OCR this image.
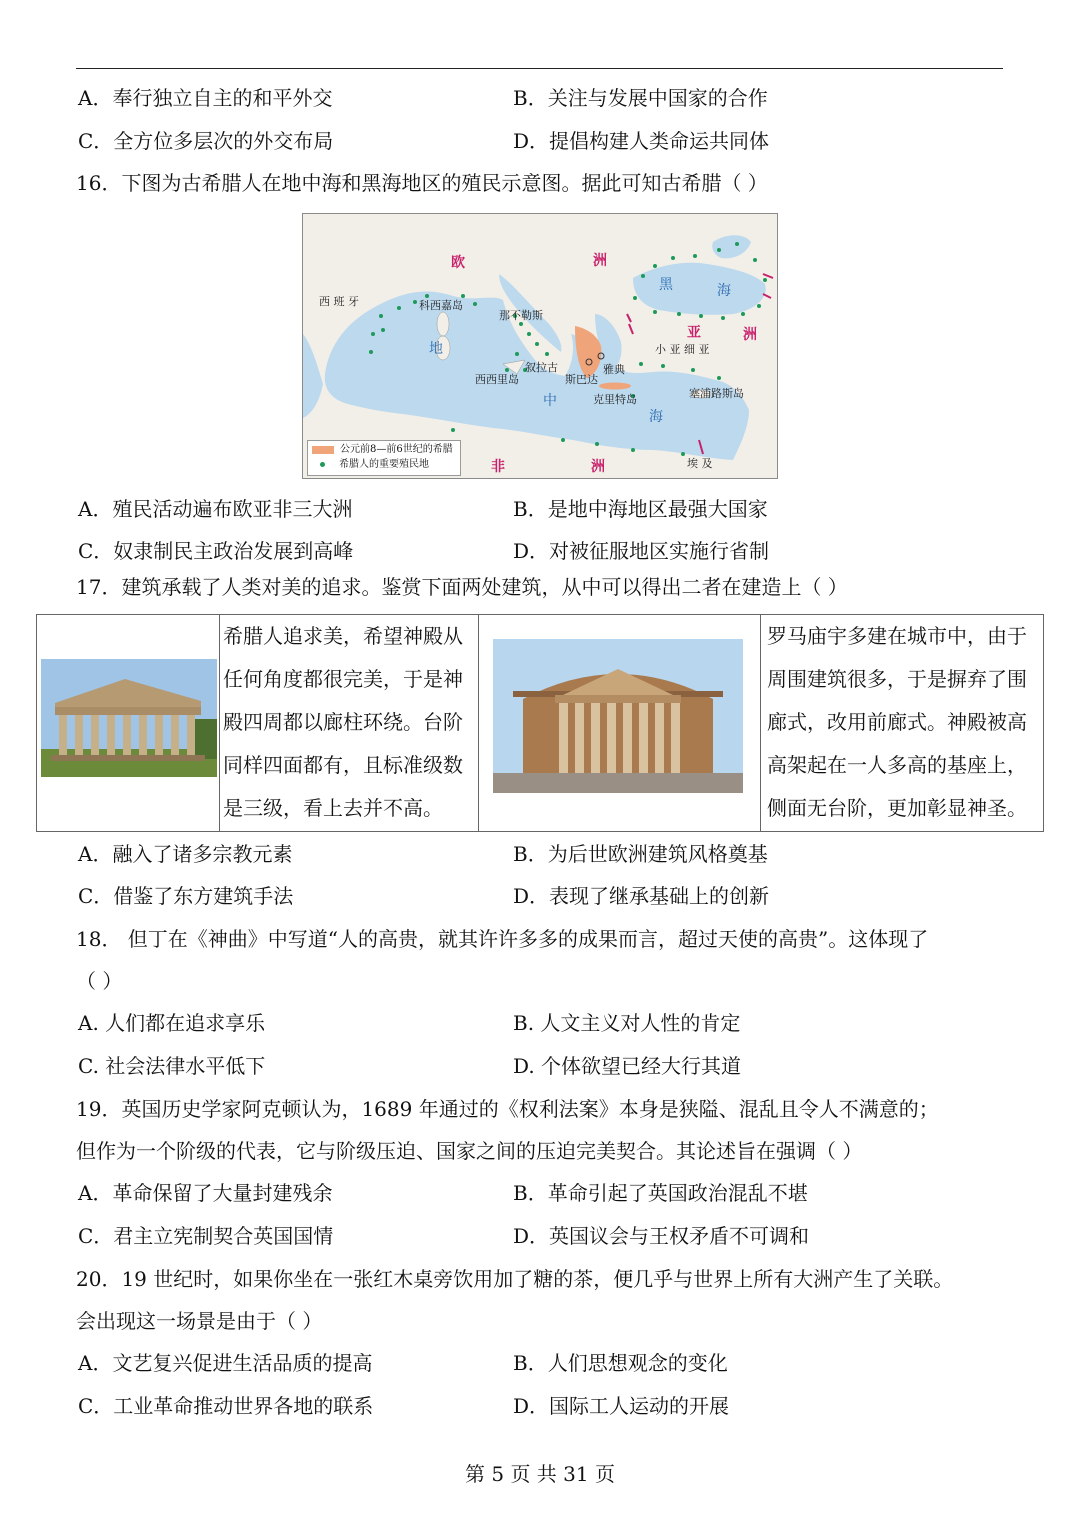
A．奉行独立自主的和平外交	B．关注与发展中国家的合作
C．全方位多层次的外交布局	D．提倡构建人类命运共同体
16．下图为古希腊人在地中海和黑海地区的殖民示意图。据此可知古希腊（ ）
欧	洲
亚	洲
非	洲
黑	海
地
中
海
西 班 牙	科西嘉岛
那不勒斯
叙拉古
西西里岛	斯巴达
雅典
克里特岛
小 亚 细 亚
塞浦路斯岛
埃 及
公元前8—前6世纪的希腊
希腊人的重要殖民地
A．殖民活动遍布欧亚非三大洲	B．是地中海地区最强大国家
C．奴隶制民主政治发展到高峰	D．对被征服地区实施行省制
17．建筑承载了人类对美的追求。鉴赏下面两处建筑，从中可以得出二者在建造上（ ）
希腊人追求美，希望神殿从
任何角度都很完美，于是神
殿四周都以廊柱环绕。台阶
同样四面都有，且标准级数
是三级，看上去并不高。
罗马庙宇多建在城市中，由于
周围建筑很多，于是摒弃了围
廊式，改用前廊式。神殿被高
高架起在一人多高的基座上，
侧面无台阶，更加彰显神圣。
A．融入了诸多宗教元素	B．为后世欧洲建筑风格奠基
C．借鉴了东方建筑手法	D．表现了继承基础上的创新
18． 但丁在《神曲》中写道“人的高贵，就其许许多多的成果而言，超过天使的高贵”。这体现了
（ ）
A. 人们都在追求享乐	B. 人文主义对人性的肯定
C. 社会法律水平低下	D. 个体欲望已经大行其道
19．英国历史学家阿克顿认为，1689 年通过的《权利法案》本身是狭隘、混乱且令人不满意的；
但作为一个阶级的代表，它与阶级压迫、国家之间的压迫完美契合。其论述旨在强调（ ）
A．革命保留了大量封建残余	B．革命引起了英国政治混乱不堪
C．君主立宪制契合英国国情	D．英国议会与王权矛盾不可调和
20．19 世纪时，如果你坐在一张红木桌旁饮用加了糖的茶，便几乎与世界上所有大洲产生了关联。
会出现这一场景是由于（ ）
A．文艺复兴促进生活品质的提高	B．人们思想观念的变化
C．工业革命推动世界各地的联系	D．国际工人运动的开展
第 5 页 共 31 页
